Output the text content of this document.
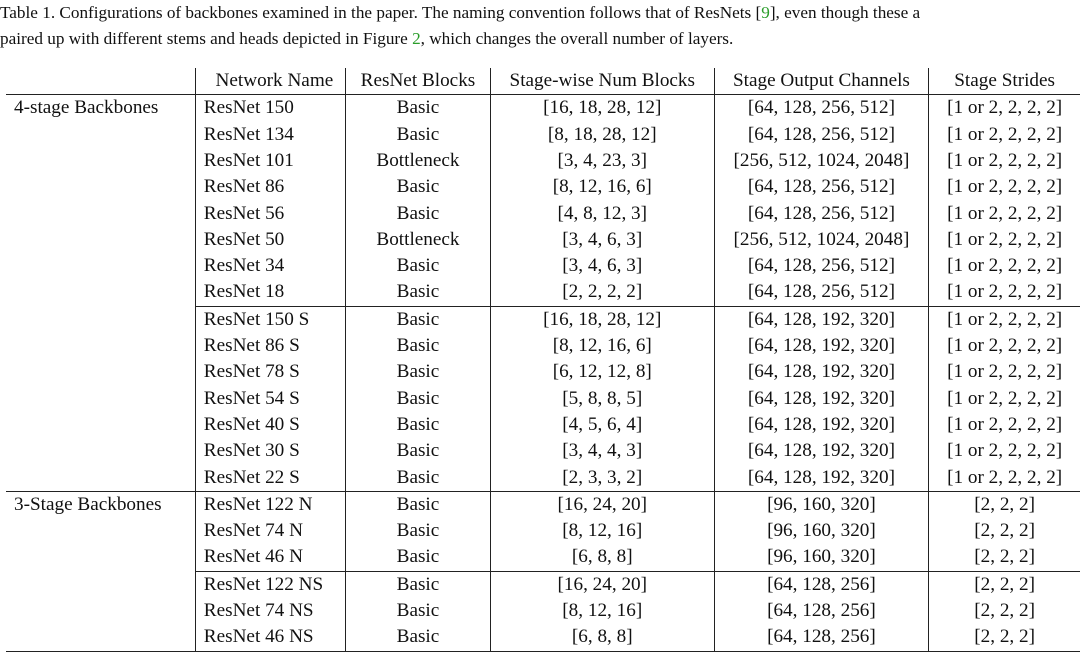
Table 1. Configurations of backbones examined in the paper. The naming convention follows that of ResNets [9], even though these a
paired up with different stems and heads depicted in Figure 2, which changes the overall number of layers.
	Network Name	ResNet Blocks	Stage-wise Num Blocks	Stage Output Channels	Stage Strides
4-stage Backbones	ResNet 150	Basic	[16, 18, 28, 12]	[64, 128, 256, 512]	[1 or 2, 2, 2, 2]
	ResNet 134	Basic	[8, 18, 28, 12]	[64, 128, 256, 512]	[1 or 2, 2, 2, 2]
	ResNet 101	Bottleneck	[3, 4, 23, 3]	[256, 512, 1024, 2048]	[1 or 2, 2, 2, 2]
	ResNet 86	Basic	[8, 12, 16, 6]	[64, 128, 256, 512]	[1 or 2, 2, 2, 2]
	ResNet 56	Basic	[4, 8, 12, 3]	[64, 128, 256, 512]	[1 or 2, 2, 2, 2]
	ResNet 50	Bottleneck	[3, 4, 6, 3]	[256, 512, 1024, 2048]	[1 or 2, 2, 2, 2]
	ResNet 34	Basic	[3, 4, 6, 3]	[64, 128, 256, 512]	[1 or 2, 2, 2, 2]
	ResNet 18	Basic	[2, 2, 2, 2]	[64, 128, 256, 512]	[1 or 2, 2, 2, 2]
	ResNet 150 S	Basic	[16, 18, 28, 12]	[64, 128, 192, 320]	[1 or 2, 2, 2, 2]
	ResNet 86 S	Basic	[8, 12, 16, 6]	[64, 128, 192, 320]	[1 or 2, 2, 2, 2]
	ResNet 78 S	Basic	[6, 12, 12, 8]	[64, 128, 192, 320]	[1 or 2, 2, 2, 2]
	ResNet 54 S	Basic	[5, 8, 8, 5]	[64, 128, 192, 320]	[1 or 2, 2, 2, 2]
	ResNet 40 S	Basic	[4, 5, 6, 4]	[64, 128, 192, 320]	[1 or 2, 2, 2, 2]
	ResNet 30 S	Basic	[3, 4, 4, 3]	[64, 128, 192, 320]	[1 or 2, 2, 2, 2]
	ResNet 22 S	Basic	[2, 3, 3, 2]	[64, 128, 192, 320]	[1 or 2, 2, 2, 2]
3-Stage Backbones	ResNet 122 N	Basic	[16, 24, 20]	[96, 160, 320]	[2, 2, 2]
	ResNet 74 N	Basic	[8, 12, 16]	[96, 160, 320]	[2, 2, 2]
	ResNet 46 N	Basic	[6, 8, 8]	[96, 160, 320]	[2, 2, 2]
	ResNet 122 NS	Basic	[16, 24, 20]	[64, 128, 256]	[2, 2, 2]
	ResNet 74 NS	Basic	[8, 12, 16]	[64, 128, 256]	[2, 2, 2]
	ResNet 46 NS	Basic	[6, 8, 8]	[64, 128, 256]	[2, 2, 2]
